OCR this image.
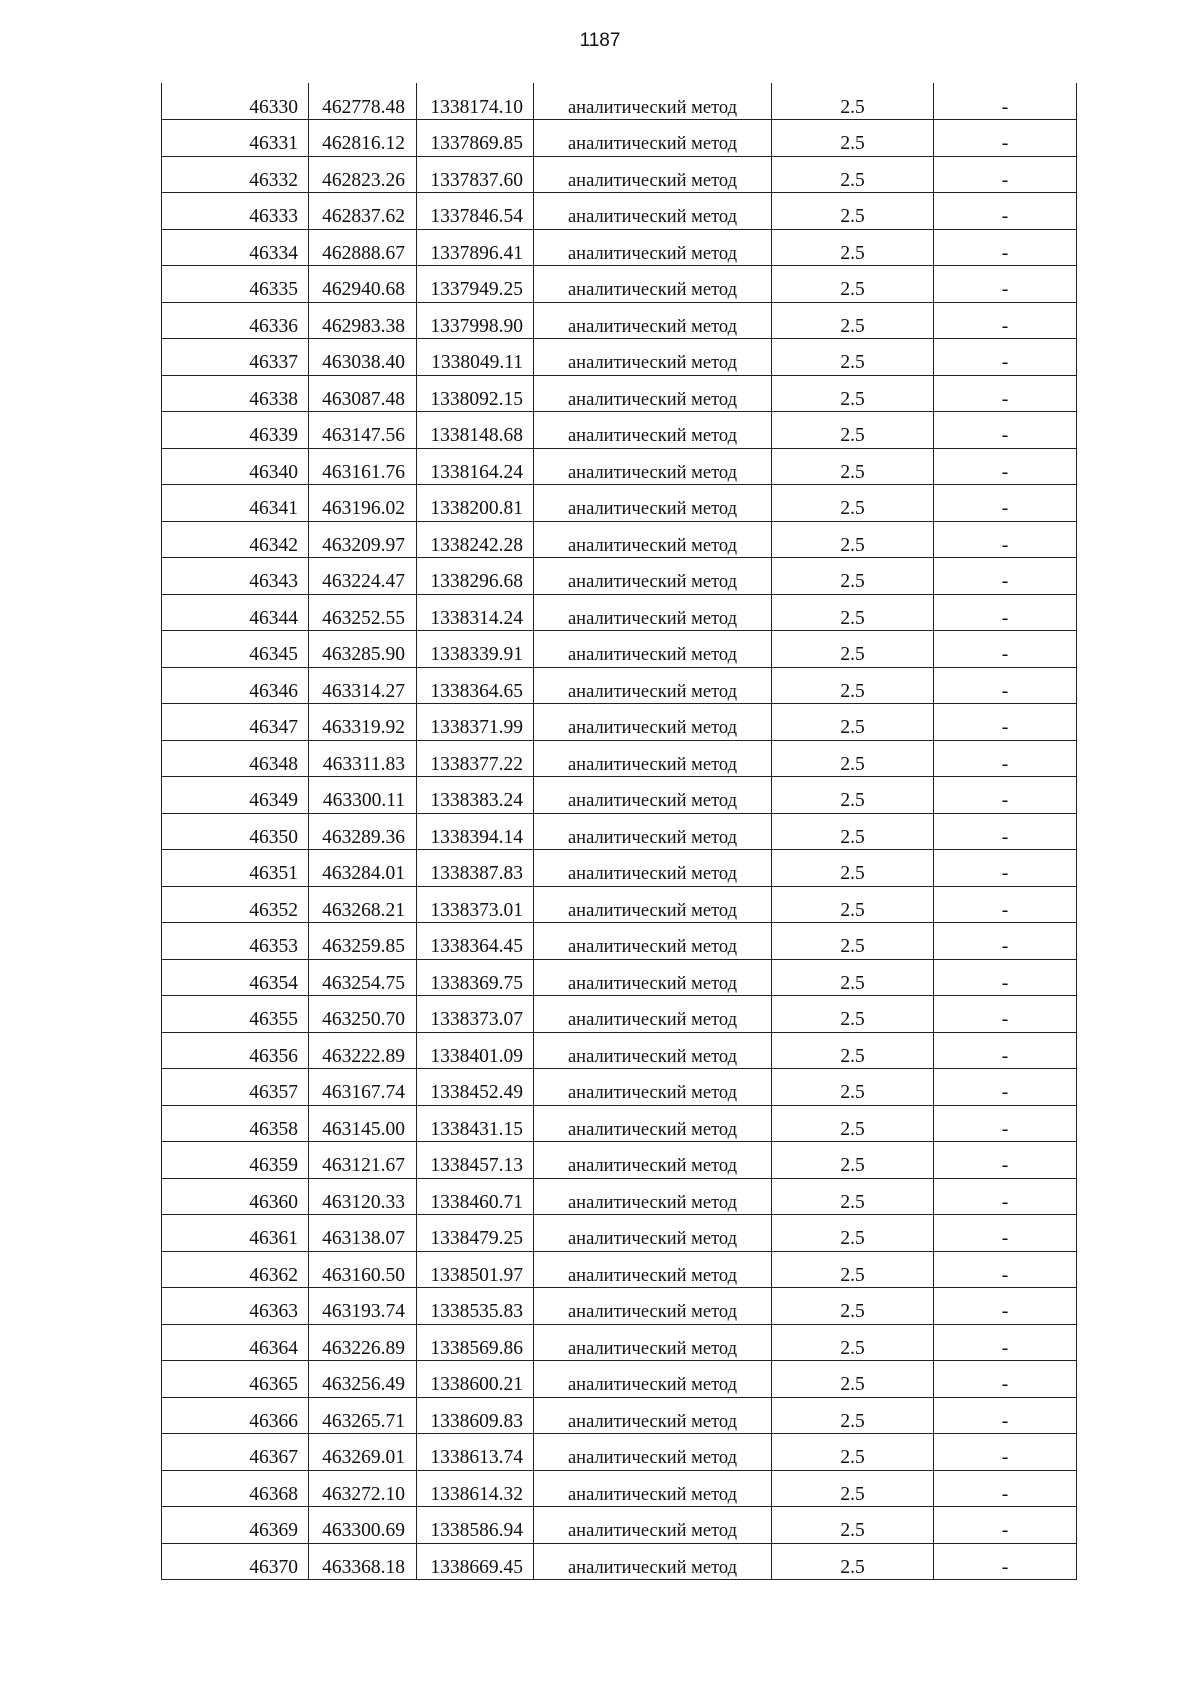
1187
46330	462778.48	1338174.10	аналитический метод	2.5	-
46331	462816.12	1337869.85	аналитический метод	2.5	-
46332	462823.26	1337837.60	аналитический метод	2.5	-
46333	462837.62	1337846.54	аналитический метод	2.5	-
46334	462888.67	1337896.41	аналитический метод	2.5	-
46335	462940.68	1337949.25	аналитический метод	2.5	-
46336	462983.38	1337998.90	аналитический метод	2.5	-
46337	463038.40	1338049.11	аналитический метод	2.5	-
46338	463087.48	1338092.15	аналитический метод	2.5	-
46339	463147.56	1338148.68	аналитический метод	2.5	-
46340	463161.76	1338164.24	аналитический метод	2.5	-
46341	463196.02	1338200.81	аналитический метод	2.5	-
46342	463209.97	1338242.28	аналитический метод	2.5	-
46343	463224.47	1338296.68	аналитический метод	2.5	-
46344	463252.55	1338314.24	аналитический метод	2.5	-
46345	463285.90	1338339.91	аналитический метод	2.5	-
46346	463314.27	1338364.65	аналитический метод	2.5	-
46347	463319.92	1338371.99	аналитический метод	2.5	-
46348	463311.83	1338377.22	аналитический метод	2.5	-
46349	463300.11	1338383.24	аналитический метод	2.5	-
46350	463289.36	1338394.14	аналитический метод	2.5	-
46351	463284.01	1338387.83	аналитический метод	2.5	-
46352	463268.21	1338373.01	аналитический метод	2.5	-
46353	463259.85	1338364.45	аналитический метод	2.5	-
46354	463254.75	1338369.75	аналитический метод	2.5	-
46355	463250.70	1338373.07	аналитический метод	2.5	-
46356	463222.89	1338401.09	аналитический метод	2.5	-
46357	463167.74	1338452.49	аналитический метод	2.5	-
46358	463145.00	1338431.15	аналитический метод	2.5	-
46359	463121.67	1338457.13	аналитический метод	2.5	-
46360	463120.33	1338460.71	аналитический метод	2.5	-
46361	463138.07	1338479.25	аналитический метод	2.5	-
46362	463160.50	1338501.97	аналитический метод	2.5	-
46363	463193.74	1338535.83	аналитический метод	2.5	-
46364	463226.89	1338569.86	аналитический метод	2.5	-
46365	463256.49	1338600.21	аналитический метод	2.5	-
46366	463265.71	1338609.83	аналитический метод	2.5	-
46367	463269.01	1338613.74	аналитический метод	2.5	-
46368	463272.10	1338614.32	аналитический метод	2.5	-
46369	463300.69	1338586.94	аналитический метод	2.5	-
46370	463368.18	1338669.45	аналитический метод	2.5	-
